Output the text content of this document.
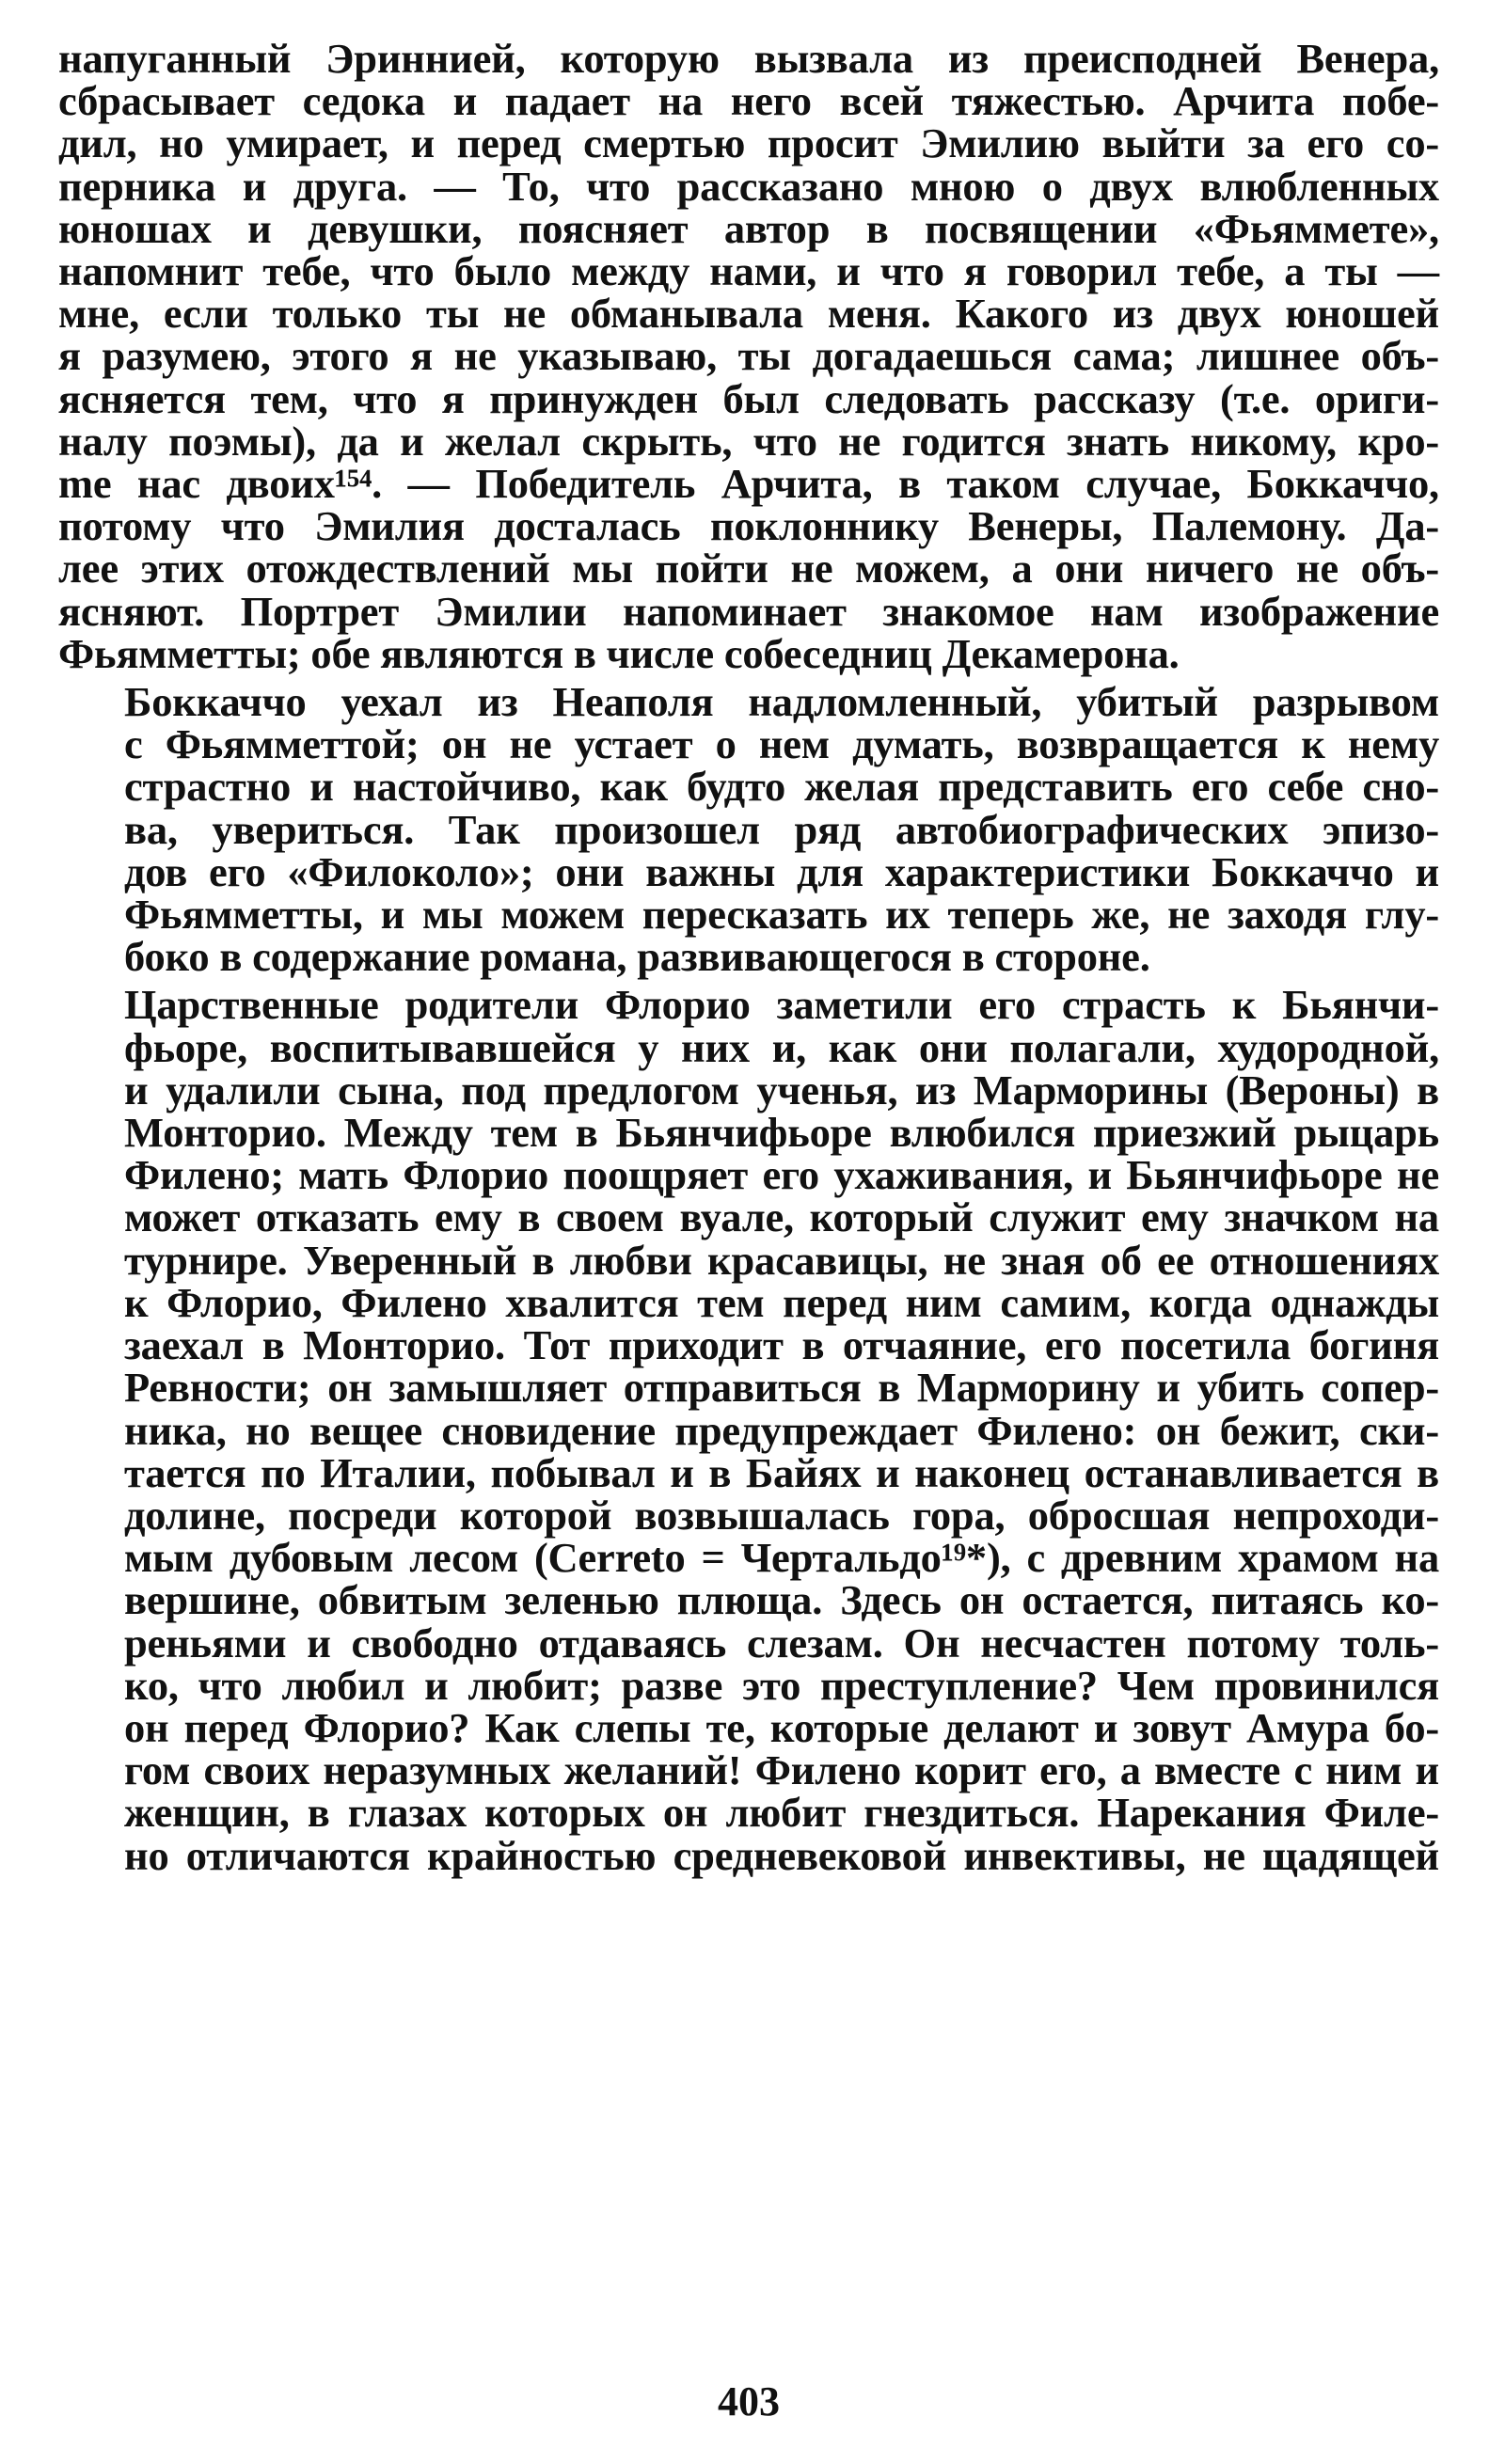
напуганный Эриннией, которую вызвала из преисподней Венера,
сбрасывает седока и падает на него всей тяжестью. Арчита побе-
дил, но умирает, и перед смертью просит Эмилию выйти за его со-
перника и друга. — То, что рассказано мною о двух влюбленных
юношах и девушки, поясняет автор в посвящении «Фьяммете»,
напомнит тебе, что было между нами, и что я говорил тебе, а ты —
мне, если только ты не обманывала меня. Какого из двух юношей
я разумею, этого я не указываю, ты догадаешься сама; лишнее объ-
ясняется тем, что я принужден был следовать рассказу (т.е. ориги-
налу поэмы), да и желал скрыть, что не годится знать никому, кро-
me нас двоих¹⁵⁴. — Победитель Арчита, в таком случае, Боккаччо,
потому что Эмилия досталась поклоннику Венеры, Палемону. Да-
лее этих отождествлений мы пойти не можем, а они ничего не объ-
ясняют. Портрет Эмилии напоминает знакомое нам изображение
Фьямметты; обе являются в числе собеседниц Декамерона.

Боккаччо уехал из Неаполя надломленный, убитый разрывом
с Фьямметтой; он не устает о нем думать, возвращается к нему
страстно и настойчиво, как будто желая представить его себе сно-
ва, увериться. Так произошел ряд автобиографических эпизо-
дов его «Филоколо»; они важны для характеристики Боккаччо и
Фьямметты, и мы можем пересказать их теперь же, не заходя глу-
боко в содержание романа, развивающегося в стороне.

Царственные родители Флорио заметили его страсть к Бьянчи-
фьоре, воспитывавшейся у них и, как они полагали, худородной,
и удалили сына, под предлогом ученья, из Марморины (Вероны) в
Монторио. Между тем в Бьянчифьоре влюбился приезжий рыцарь
Филено; мать Флорио поощряет его ухаживания, и Бьянчифьоре не
может отказать ему в своем вуале, который служит ему значком на
турнире. Уверенный в любви красавицы, не зная об ее отношениях
к Флорио, Филено хвалится тем перед ним самим, когда однажды
заехал в Монторио. Тот приходит в отчаяние, его посетила богиня
Ревности; он замышляет отправиться в Марморину и убить сопер-
ника, но вещее сновидение предупреждает Филено: он бежит, ски-
тается по Италии, побывал и в Байях и наконец останавливается в
долине, посреди которой возвышалась гора, обросшая непроходи-
мым дубовым лесом (Cerreto = Чертальдо¹⁹*), с древним храмом на
вершине, обвитым зеленью плюща. Здесь он остается, питаясь ко-
реньями и свободно отдаваясь слезам. Он несчастен потому толь-
ко, что любил и любит; разве это преступление? Чем провинился
он перед Флорио? Как слепы те, которые делают и зовут Амура бо-
гом своих неразумных желаний! Филено корит его, а вместе с ним и
женщин, в глазах которых он любит гнездиться. Нарекания Филе-
но отличаются крайностью средневековой инвективы, не щадящей

403
